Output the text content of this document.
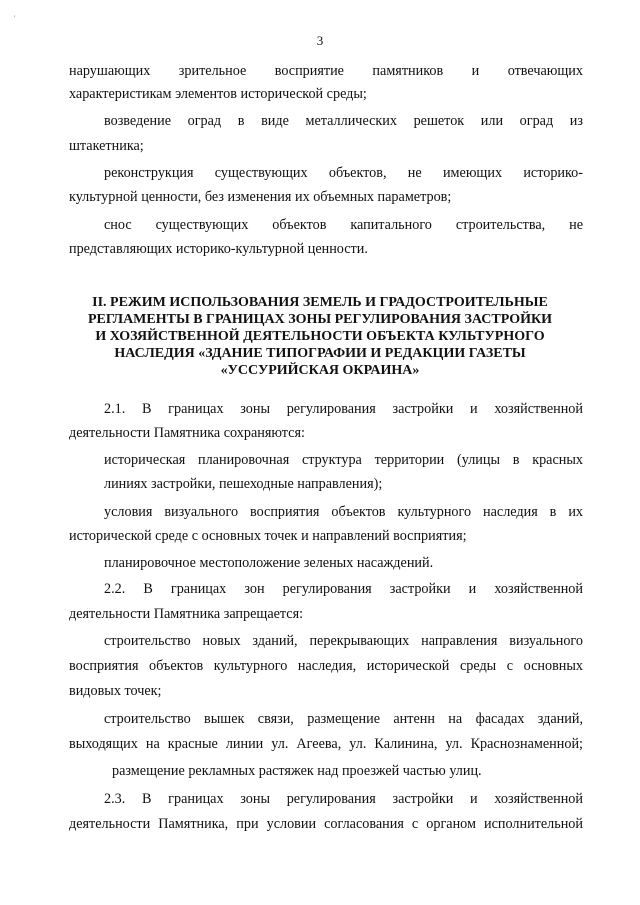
'
3
нарушающих зрительное восприятие памятников и отвечающих
характеристикам элементов исторической среды;
возведение оград в виде металлических решеток или оград из
штакетника;
реконструкция существующих объектов, не имеющих историко-
культурной ценности, без изменения их объемных параметров;
снос существующих объектов капитального строительства, не
представляющих историко-культурной ценности.
II. РЕЖИМ ИСПОЛЬЗОВАНИЯ ЗЕМЕЛЬ И ГРАДОСТРОИТЕЛЬНЫЕ
РЕГЛАМЕНТЫ В ГРАНИЦАХ ЗОНЫ РЕГУЛИРОВАНИЯ ЗАСТРОЙКИ
И ХОЗЯЙСТВЕННОЙ ДЕЯТЕЛЬНОСТИ ОБЪЕКТА КУЛЬТУРНОГО
НАСЛЕДИЯ «ЗДАНИЕ ТИПОГРАФИИ И РЕДАКЦИИ ГАЗЕТЫ
«УССУРИЙСКАЯ ОКРАИНА»
2.1. В границах зоны регулирования застройки и хозяйственной
деятельности Памятника сохраняются:
историческая планировочная структура территории (улицы в красных
линиях застройки, пешеходные направления);
условия визуального восприятия объектов культурного наследия в их
исторической среде с основных точек и направлений восприятия;
планировочное местоположение зеленых насаждений.
2.2. В границах зон регулирования застройки и хозяйственной
деятельности Памятника запрещается:
строительство новых зданий, перекрывающих направления визуального
восприятия объектов культурного наследия, исторической среды с основных
видовых точек;
строительство вышек связи, размещение антенн на фасадах зданий,
выходящих на красные линии ул. Агеева, ул. Калинина, ул. Краснознаменной;
размещение рекламных растяжек над проезжей частью улиц.
2.3. В границах зоны регулирования застройки и хозяйственной
деятельности Памятника, при условии согласования с органом исполнительной
